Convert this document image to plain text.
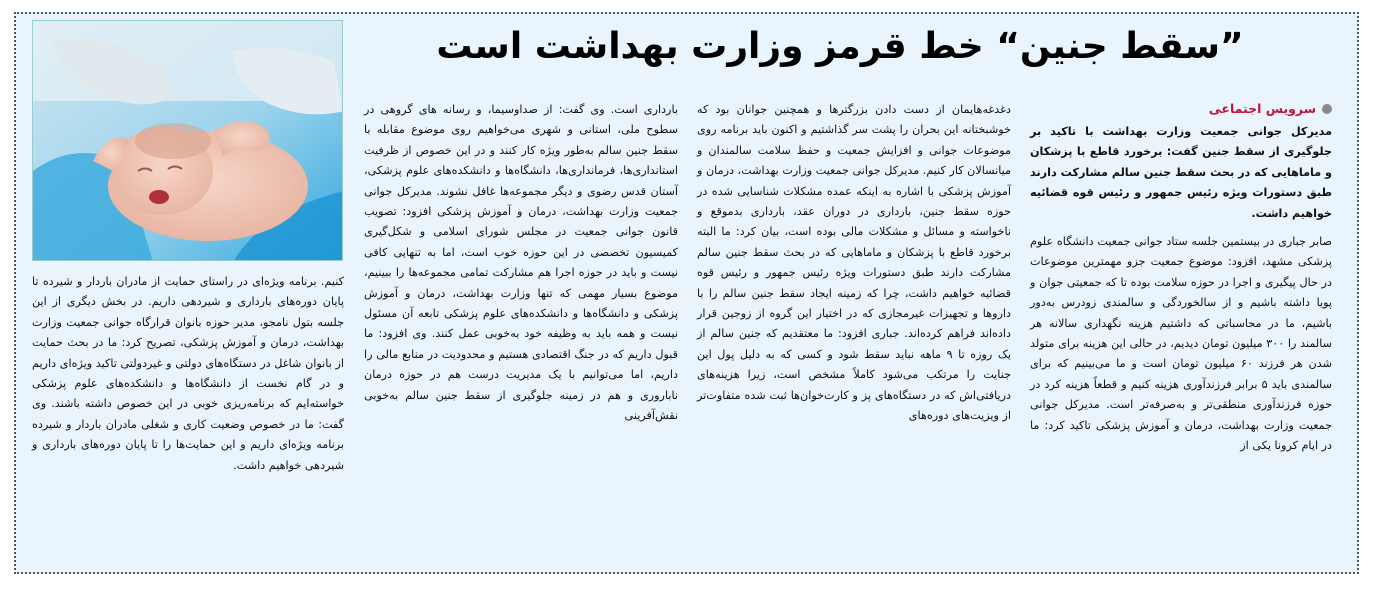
”سقط جنین“ خط قرمز وزارت بهداشت است
سرویس اجتماعی

مدیرکل جوانی جمعیت وزارت بهداشت با تاکید بر جلوگیری از سقط جنین گفت: برخورد قاطع با پزشکان و ماماهایی که در بحث سقط جنین سالم مشارکت دارند طبق دستورات ویژه رئیس جمهور و رئیس قوه قضائیه خواهیم داشت.

صابر جباری در بیستمین جلسه ستاد جوانی جمعیت دانشگاه علوم پزشکی مشهد، افزود: موضوع جمعیت جزو مهمترین موضوعات در حال پیگیری و اجرا در حوزه سلامت بوده تا که جمعیتی جوان و پویا داشته باشیم و از سالخوردگی و سالمندی زودرس به‌دور باشیم، ما در محاسباتی که داشتیم هزینه نگهداری سالانه هر سالمند را ۳۰۰ میلیون تومان دیدیم، در حالی این هزینه برای متولد شدن هر فرزند ۶۰ میلیون تومان است و ما می‌بینیم که برای سالمندی باید ۵ برابر فرزندآوری هزینه کنیم و قطعاً هزینه کرد در حوزه فرزندآوری منطقی‌تر و به‌صرفه‌تر است. مدیرکل جوانی جمعیت وزارت بهداشت، درمان و آموزش پزشکی تاکید کرد: ما در ایام کرونا یکی از

دغدغه‌هایمان از دست دادن بزرگترها و همچنین جوانان بود که خوشبختانه این بحران را پشت سر گذاشتیم و اکنون باید برنامه روی موضوعات جوانی و افزایش جمعیت و حفظ سلامت سالمندان و میانسالان کار کنیم. مدیرکل جوانی جمعیت وزارت بهداشت، درمان و آموزش پزشکی با اشاره به اینکه عمده مشکلات شناسایی شده در حوزه سقط جنین، بارداری در دوران عقد، بارداری بدموقع و ناخواسته و مسائل و مشکلات مالی بوده است، بیان کرد: ما البته برخورد قاطع با پزشکان و ماماهایی که در بحث سقط جنین سالم مشارکت دارند طبق دستورات ویژه رئیس جمهور و رئیس قوه قضائیه خواهیم داشت، چرا که زمینه ایجاد سقط جنین سالم را با داروها و تجهیزات غیرمجازی که در اختیار این گروه از زوجین قرار داده‌اند فراهم کرده‌اند. جباری افزود: ما معتقدیم که جنین سالم از یک روزه تا ۹ ماهه نباید سقط شود و کسی که به دلیل پول این جنایت را مرتکب می‌شود کاملاً مشخص است، زیرا هزینه‌های دریافتی‌اش که در دستگاه‌های پز و کارت‌خوان‌ها ثبت شده متفاوت‌تر از ویزیت‌های دوره‌های

بارداری است. وی گفت: از صداوسیما، و رسانه های گروهی در سطوح ملی، استانی و شهری می‌خواهیم روی موضوع مقابله با سقط جنین سالم به‌طور ویژه کار کنند و در این خصوص از ظرفیت استانداری‌ها، فرمانداری‌ها، دانشگاه‌ها و دانشکده‌های علوم پزشکی، آستان قدس رضوی و دیگر مجموعه‌ها غافل نشوند. مدیرکل جوانی جمعیت وزارت بهداشت، درمان و آموزش پزشکی افزود: تصویب قانون جوانی جمعیت در مجلس شورای اسلامی و شکل‌گیری کمیسیون تخصصی در این حوزه خوب است، اما به تنهایی کافی نیست و باید در حوزه اجرا هم مشارکت تمامی مجموعه‌ها را ببینیم، موضوع بسیار مهمی که تنها وزارت بهداشت، درمان و آموزش پزشکی و دانشگاه‌ها و دانشکده‌های علوم پزشکی تابعه آن مسئول نیست و همه باید به وظیفه خود به‌خوبی عمل کنند. وی افزود: ما قبول داریم که در جنگ اقتصادی هستیم و محدودیت در منابع مالی را داریم، اما می‌توانیم با یک مدیریت درست هم در حوزه درمان ناباروری و هم در زمینه جلوگیری از سقط جنین سالم به‌خوبی نقش‌آفرینی

کنیم. برنامه ویژه‌ای در راستای حمایت از مادران باردار و شیرده تا پایان دوره‌های بارداری و شیردهی داریم. در بخش دیگری از این جلسه بتول نامجو، مدیر حوزه بانوان قرارگاه جوانی جمعیت وزارت بهداشت، درمان و آموزش پزشکی، تصریح کرد: ما در بحث حمایت از بانوان شاغل در دستگاه‌های دولتی و غیردولتی تاکید ویژه‌ای داریم و در گام نخست از دانشگاه‌ها و دانشکده‌های علوم پزشکی خواسته‌ایم که برنامه‌ریزی خوبی در این خصوص داشته باشند. وی گفت: ما در خصوص وضعیت کاری و شغلی مادران باردار و شیرده برنامه ویژه‌ای داریم و این حمایت‌ها را تا پایان دوره‌های بارداری و شیردهی خواهیم داشت.
